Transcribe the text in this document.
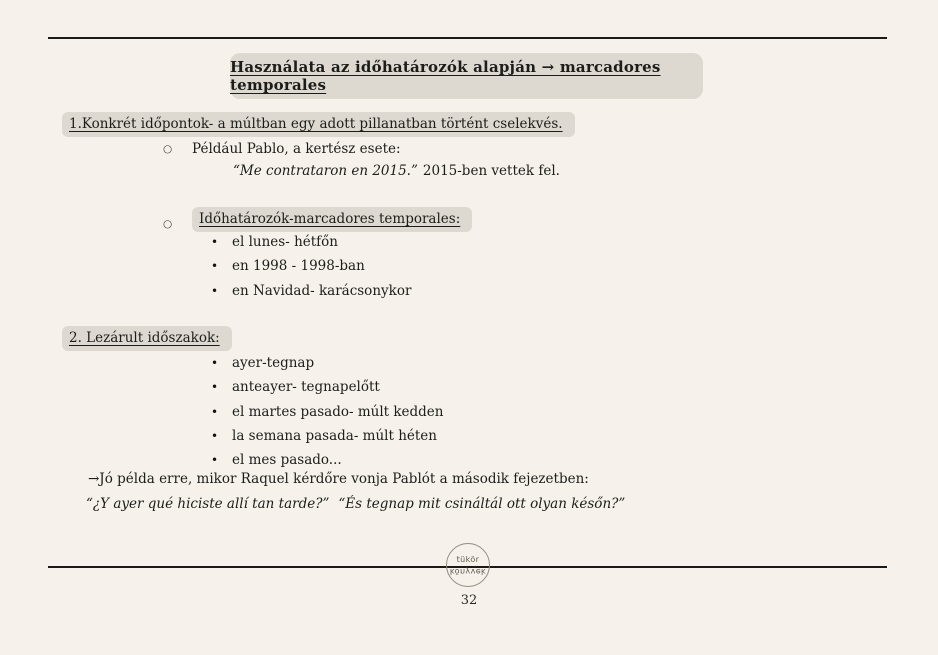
Használata az időhatározók alapján → marcadores temporales
1.Konkrét időpontok- a múltban egy adott pillanatban történt cselekvés.
○	Például Pablo, a kertész esete:
“Me contrataron en 2015.” 2015-ben vettek fel.
○	Időhatározók-marcadores temporales:
•	el lunes- hétfőn
•	en 1998 - 1998-ban
•	en Navidad- karácsonykor
2. Lezárult időszakok:
•	ayer-tegnap
•	anteayer- tegnapelőtt
•	el martes pasado- múlt kedden
•	la semana pasada- múlt héten
•	el mes pasado...
→Jó példa erre, mikor Raquel kérdőre vonja Pablót a második fejezetben:
“¿Y ayer qué hiciste allí tan tarde?” “És tegnap mit csináltál ott olyan későn?”
tükör
könyvek
32
